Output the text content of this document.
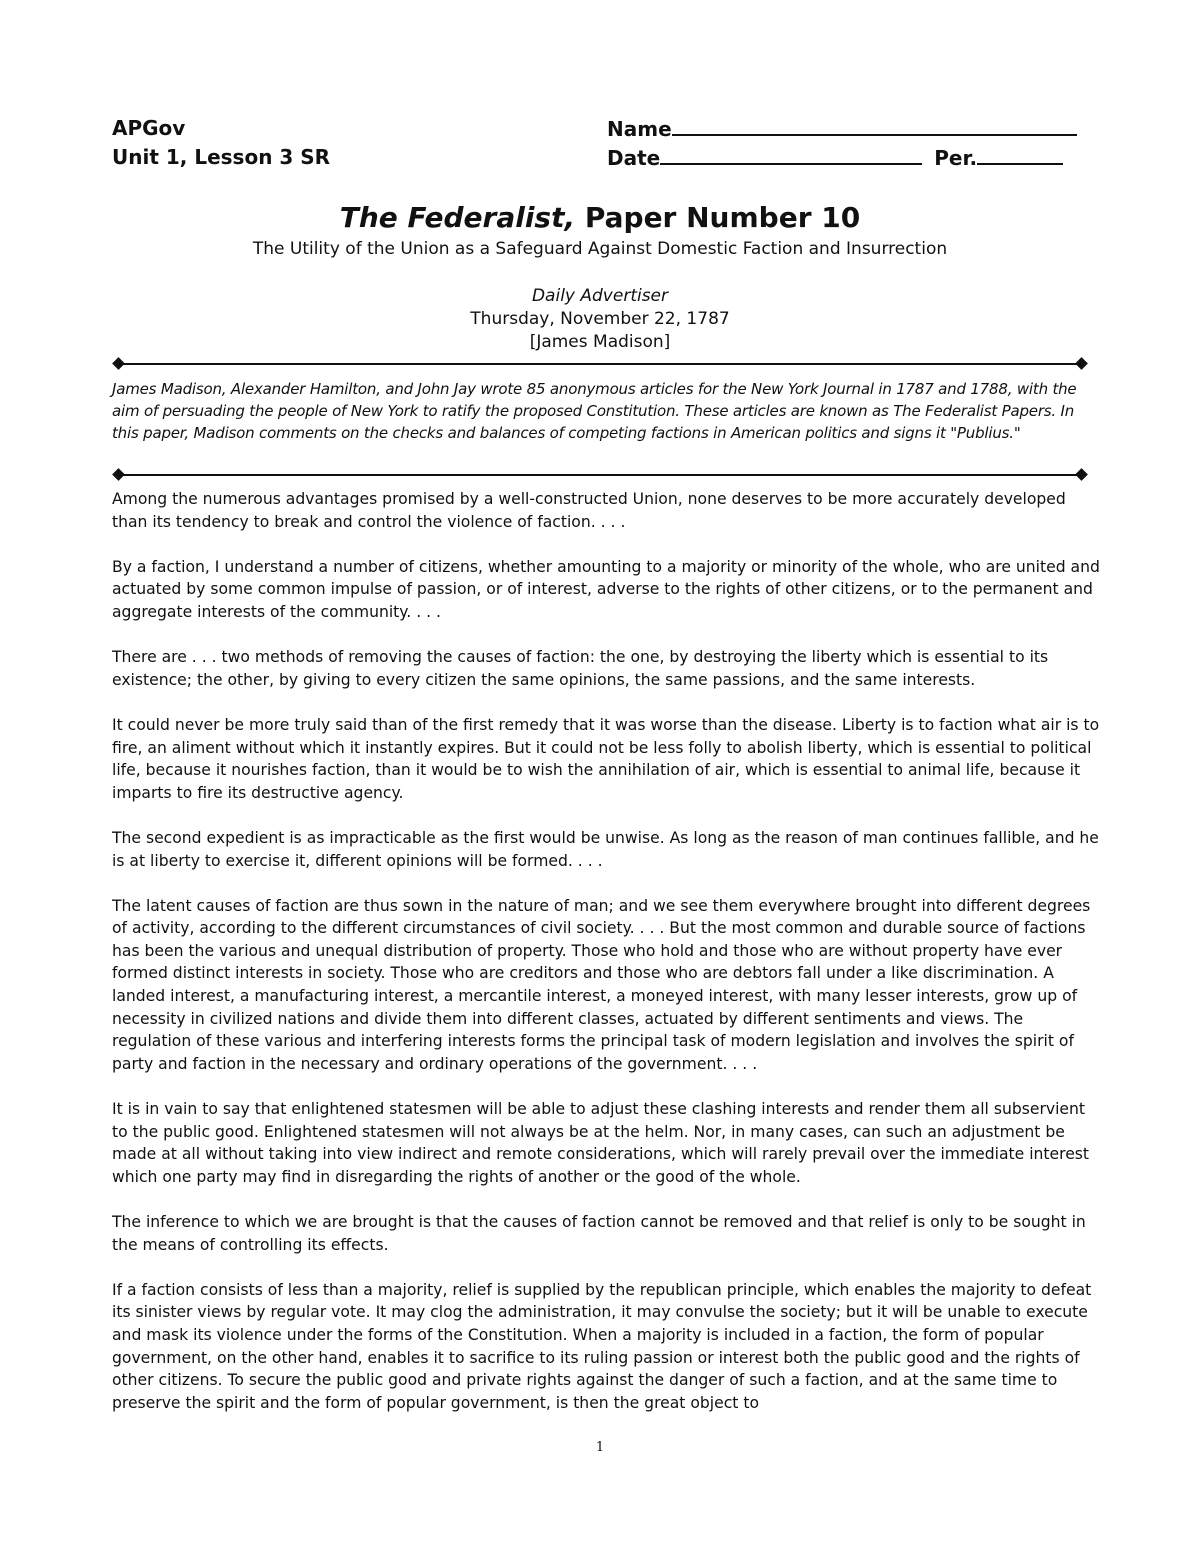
APGov
Unit 1, Lesson 3 SR
Name
Date	Per.
The Federalist, Paper Number 10
The Utility of the Union as a Safeguard Against Domestic Faction and Insurrection
Daily Advertiser
Thursday, November 22, 1787
[James Madison]
James Madison, Alexander Hamilton, and John Jay wrote 85 anonymous articles for the New York Journal in 1787 and 1788, with the aim of persuading the people of New York to ratify the proposed Constitution. These articles are known as The Federalist Papers. In this paper, Madison comments on the checks and balances of competing factions in American politics and signs it "Publius."

Among the numerous advantages promised by a well-constructed Union, none deserves to be more accurately developed than its tendency to break and control the violence of faction. . . .

By a faction, I understand a number of citizens, whether amounting to a majority or minority of the whole, who are united and actuated by some common impulse of passion, or of interest, adverse to the rights of other citizens, or to the permanent and aggregate interests of the community. . . .

There are . . . two methods of removing the causes of faction: the one, by destroying the liberty which is essential to its existence; the other, by giving to every citizen the same opinions, the same passions, and the same interests.

It could never be more truly said than of the first remedy that it was worse than the disease. Liberty is to faction what air is to fire, an aliment without which it instantly expires. But it could not be less folly to abolish liberty, which is essential to political life, because it nourishes faction, than it would be to wish the annihilation of air, which is essential to animal life, because it imparts to fire its destructive agency.

The second expedient is as impracticable as the first would be unwise. As long as the reason of man continues fallible, and he is at liberty to exercise it, different opinions will be formed. . . .

The latent causes of faction are thus sown in the nature of man; and we see them everywhere brought into different degrees of activity, according to the different circumstances of civil society. . . . But the most common and durable source of factions has been the various and unequal distribution of property. Those who hold and those who are without property have ever formed distinct interests in society. Those who are creditors and those who are debtors fall under a like discrimination. A landed interest, a manufacturing interest, a mercantile interest, a moneyed interest, with many lesser interests, grow up of necessity in civilized nations and divide them into different classes, actuated by different sentiments and views. The regulation of these various and interfering interests forms the principal task of modern legislation and involves the spirit of party and faction in the necessary and ordinary operations of the government. . . .

It is in vain to say that enlightened statesmen will be able to adjust these clashing interests and render them all subservient to the public good. Enlightened statesmen will not always be at the helm. Nor, in many cases, can such an adjustment be made at all without taking into view indirect and remote considerations, which will rarely prevail over the immediate interest which one party may find in disregarding the rights of another or the good of the whole.

The inference to which we are brought is that the causes of faction cannot be removed and that relief is only to be sought in the means of controlling its effects.

If a faction consists of less than a majority, relief is supplied by the republican principle, which enables the majority to defeat its sinister views by regular vote. It may clog the administration, it may convulse the society; but it will be unable to execute and mask its violence under the forms of the Constitution. When a majority is included in a faction, the form of popular government, on the other hand, enables it to sacrifice to its ruling passion or interest both the public good and the rights of other citizens. To secure the public good and private rights against the danger of such a faction, and at the same time to preserve the spirit and the form of popular government, is then the great object to

1
